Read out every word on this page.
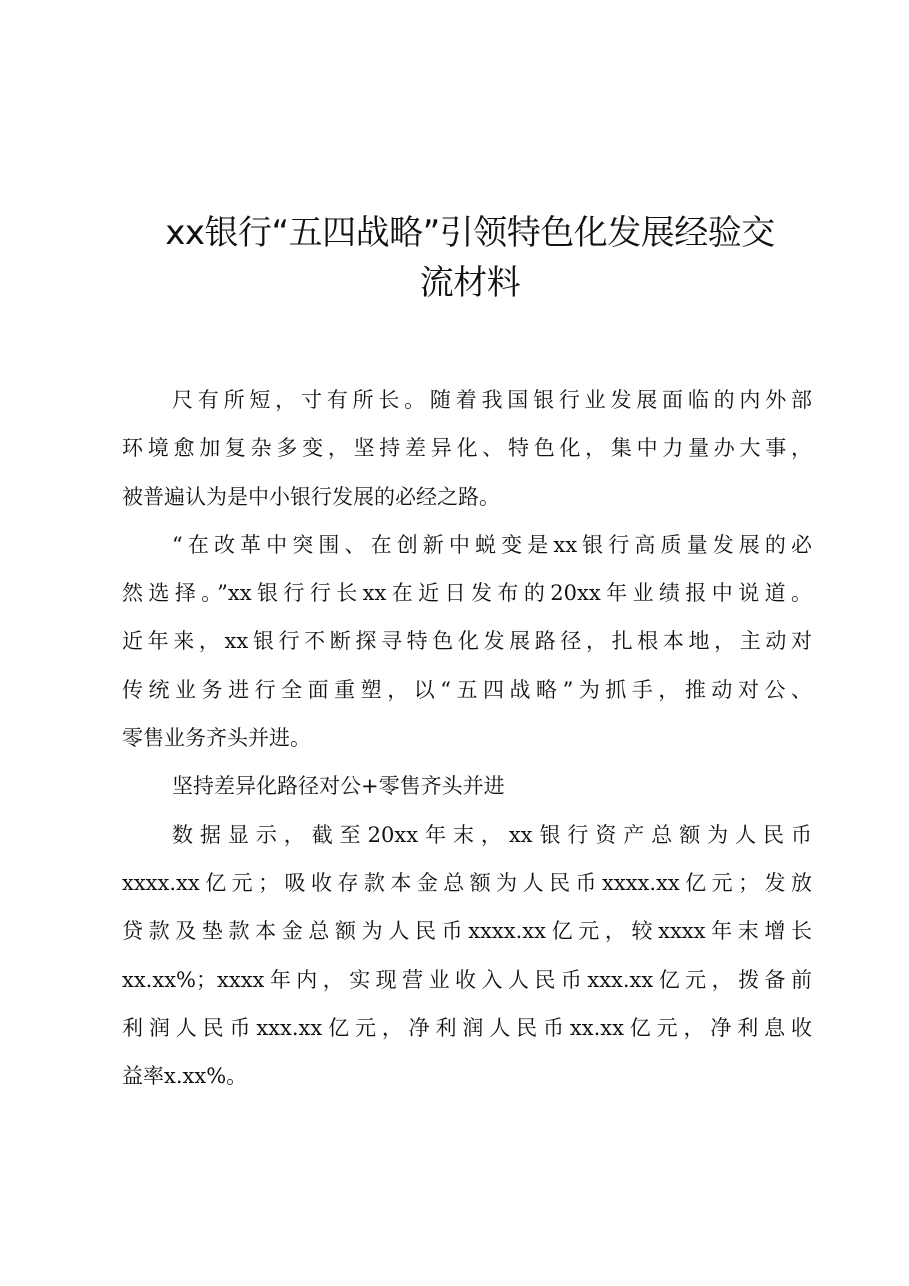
xx银行“五四战略”引领特色化发展经验交
流材料
尺有所短，寸有所长。随着我国银行业发展面临的内外部
环境愈加复杂多变，坚持差异化、特色化，集中力量办大事，
被普遍认为是中小银行发展的必经之路。
“在改革中突围、在创新中蜕变是xx银行高质量发展的必
然选择。”xx银行行长xx在近日发布的20xx年业绩报中说道。
近年来，xx银行不断探寻特色化发展路径，扎根本地，主动对
传统业务进行全面重塑，以“五四战略”为抓手，推动对公、
零售业务齐头并进。
坚持差异化路径对公+零售齐头并进
数据显示，截至20xx年末，xx银行资产总额为人民币
xxxx.xx亿元；吸收存款本金总额为人民币xxxx.xx亿元；发放
贷款及垫款本金总额为人民币xxxx.xx亿元，较xxxx年末增长
xx.xx%；xxxx年内，实现营业收入人民币xxx.xx亿元，拨备前
利润人民币xxx.xx亿元，净利润人民币xx.xx亿元，净利息收
益率x.xx%。
